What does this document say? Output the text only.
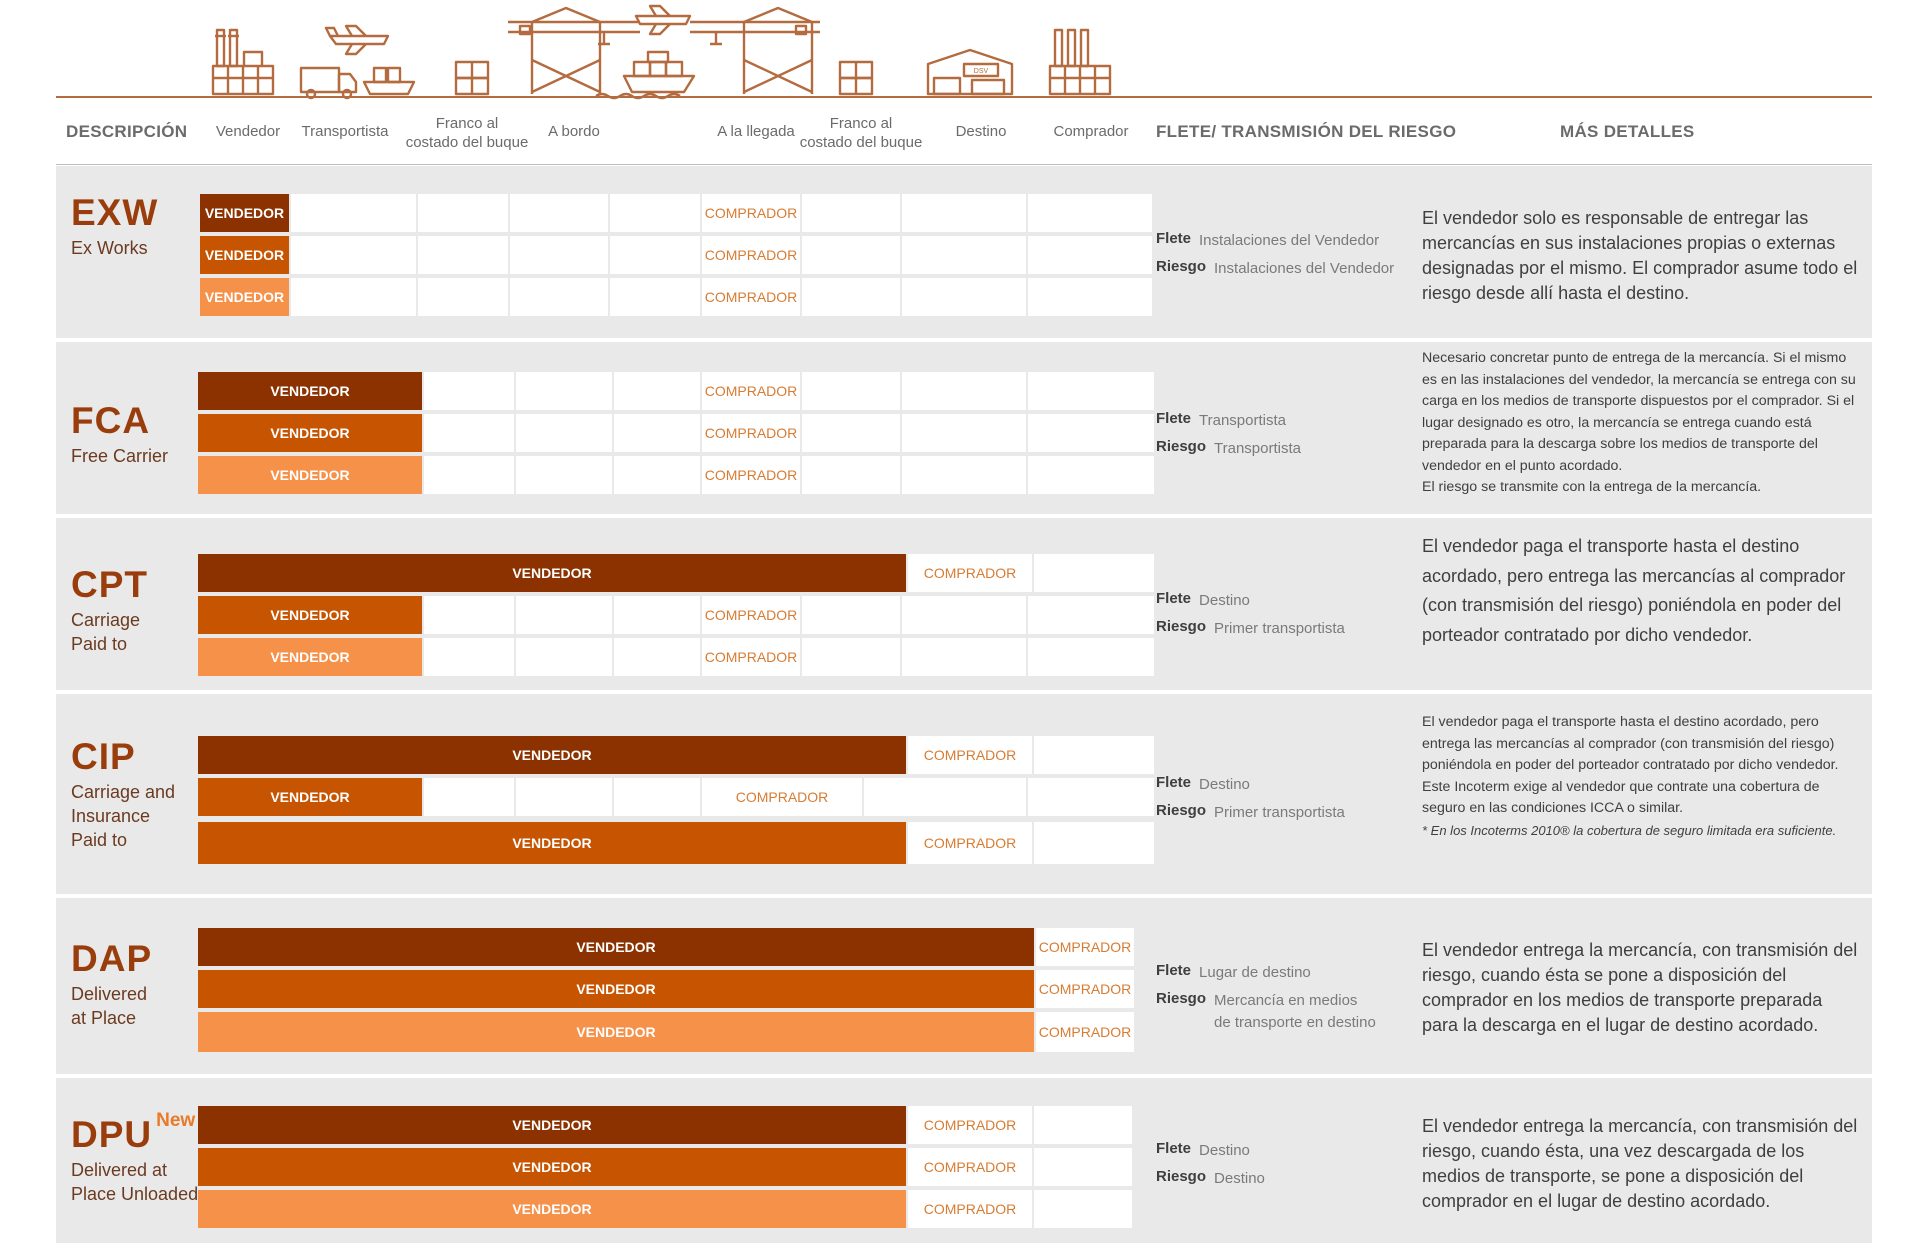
DSV
DESCRIPCIÓN	Vendedor	Transportista	Franco al
costado del buque
A bordo	A la llegada	Franco al
costado del buque
Destino	Comprador	FLETE/ TRANSMISIÓN DEL RIESGO	MÁS DETALLES
EXW
Ex Works
VENDEDOR	COMPRADOR
VENDEDOR	COMPRADOR
VENDEDOR	COMPRADOR
Flete Instalaciones del Vendedor
Riesgo Instalaciones del Vendedor
El vendedor solo es responsable de entregar las mercancías en sus instalaciones propias o externas designadas por el mismo. El comprador asume todo el riesgo desde allí hasta el destino.
FCA
Free Carrier
VENDEDOR	COMPRADOR
VENDEDOR	COMPRADOR
VENDEDOR	COMPRADOR
Flete Transportista
Riesgo Transportista
Necesario concretar punto de entrega de la mercancía. Si el mismo es en las instalaciones del vendedor, la mercancía se entrega con su carga en los medios de transporte dispuestos por el comprador. Si el lugar designado es otro, la mercancía se entrega cuando está preparada para la descarga sobre los medios de transporte del vendedor en el punto acordado.
El riesgo se transmite con la entrega de la mercancía.
CPT
Carriage
Paid to
VENDEDOR	COMPRADOR
VENDEDOR	COMPRADOR
VENDEDOR	COMPRADOR
Flete Destino
Riesgo Primer transportista
El vendedor paga el transporte hasta el destino acordado, pero entrega las mercancías al comprador (con transmisión del riesgo) poniéndola en poder del porteador contratado por dicho vendedor.
CIP
Carriage and
Insurance
Paid to
VENDEDOR	COMPRADOR
VENDEDOR	COMPRADOR
VENDEDOR	COMPRADOR
Flete Destino
Riesgo Primer transportista
El vendedor paga el transporte hasta el destino acordado, pero entrega las mercancías al comprador (con transmisión del riesgo) poniéndola en poder del porteador contratado por dicho vendedor. Este Incoterm exige al vendedor que contrate una cobertura de seguro en las condiciones ICCA o similar.
* En los Incoterms 2010® la cobertura de seguro limitada era suficiente.
DAP
Delivered
at Place
VENDEDOR	COMPRADOR
VENDEDOR	COMPRADOR
VENDEDOR	COMPRADOR
Flete Lugar de destino
Riesgo Mercancía en medios
de transporte en destino
El vendedor entrega la mercancía, con transmisión del riesgo, cuando ésta se pone a disposición del comprador en los medios de transporte preparada para la descarga en el lugar de destino acordado.
DPU $^{New}$
Delivered at
Place Unloaded
VENDEDOR	COMPRADOR
VENDEDOR	COMPRADOR
VENDEDOR	COMPRADOR
Flete Destino
Riesgo Destino
El vendedor entrega la mercancía, con transmisión del riesgo, cuando ésta, una vez descargada de los medios de transporte, se pone a disposición del comprador en el lugar de destino acordado.
